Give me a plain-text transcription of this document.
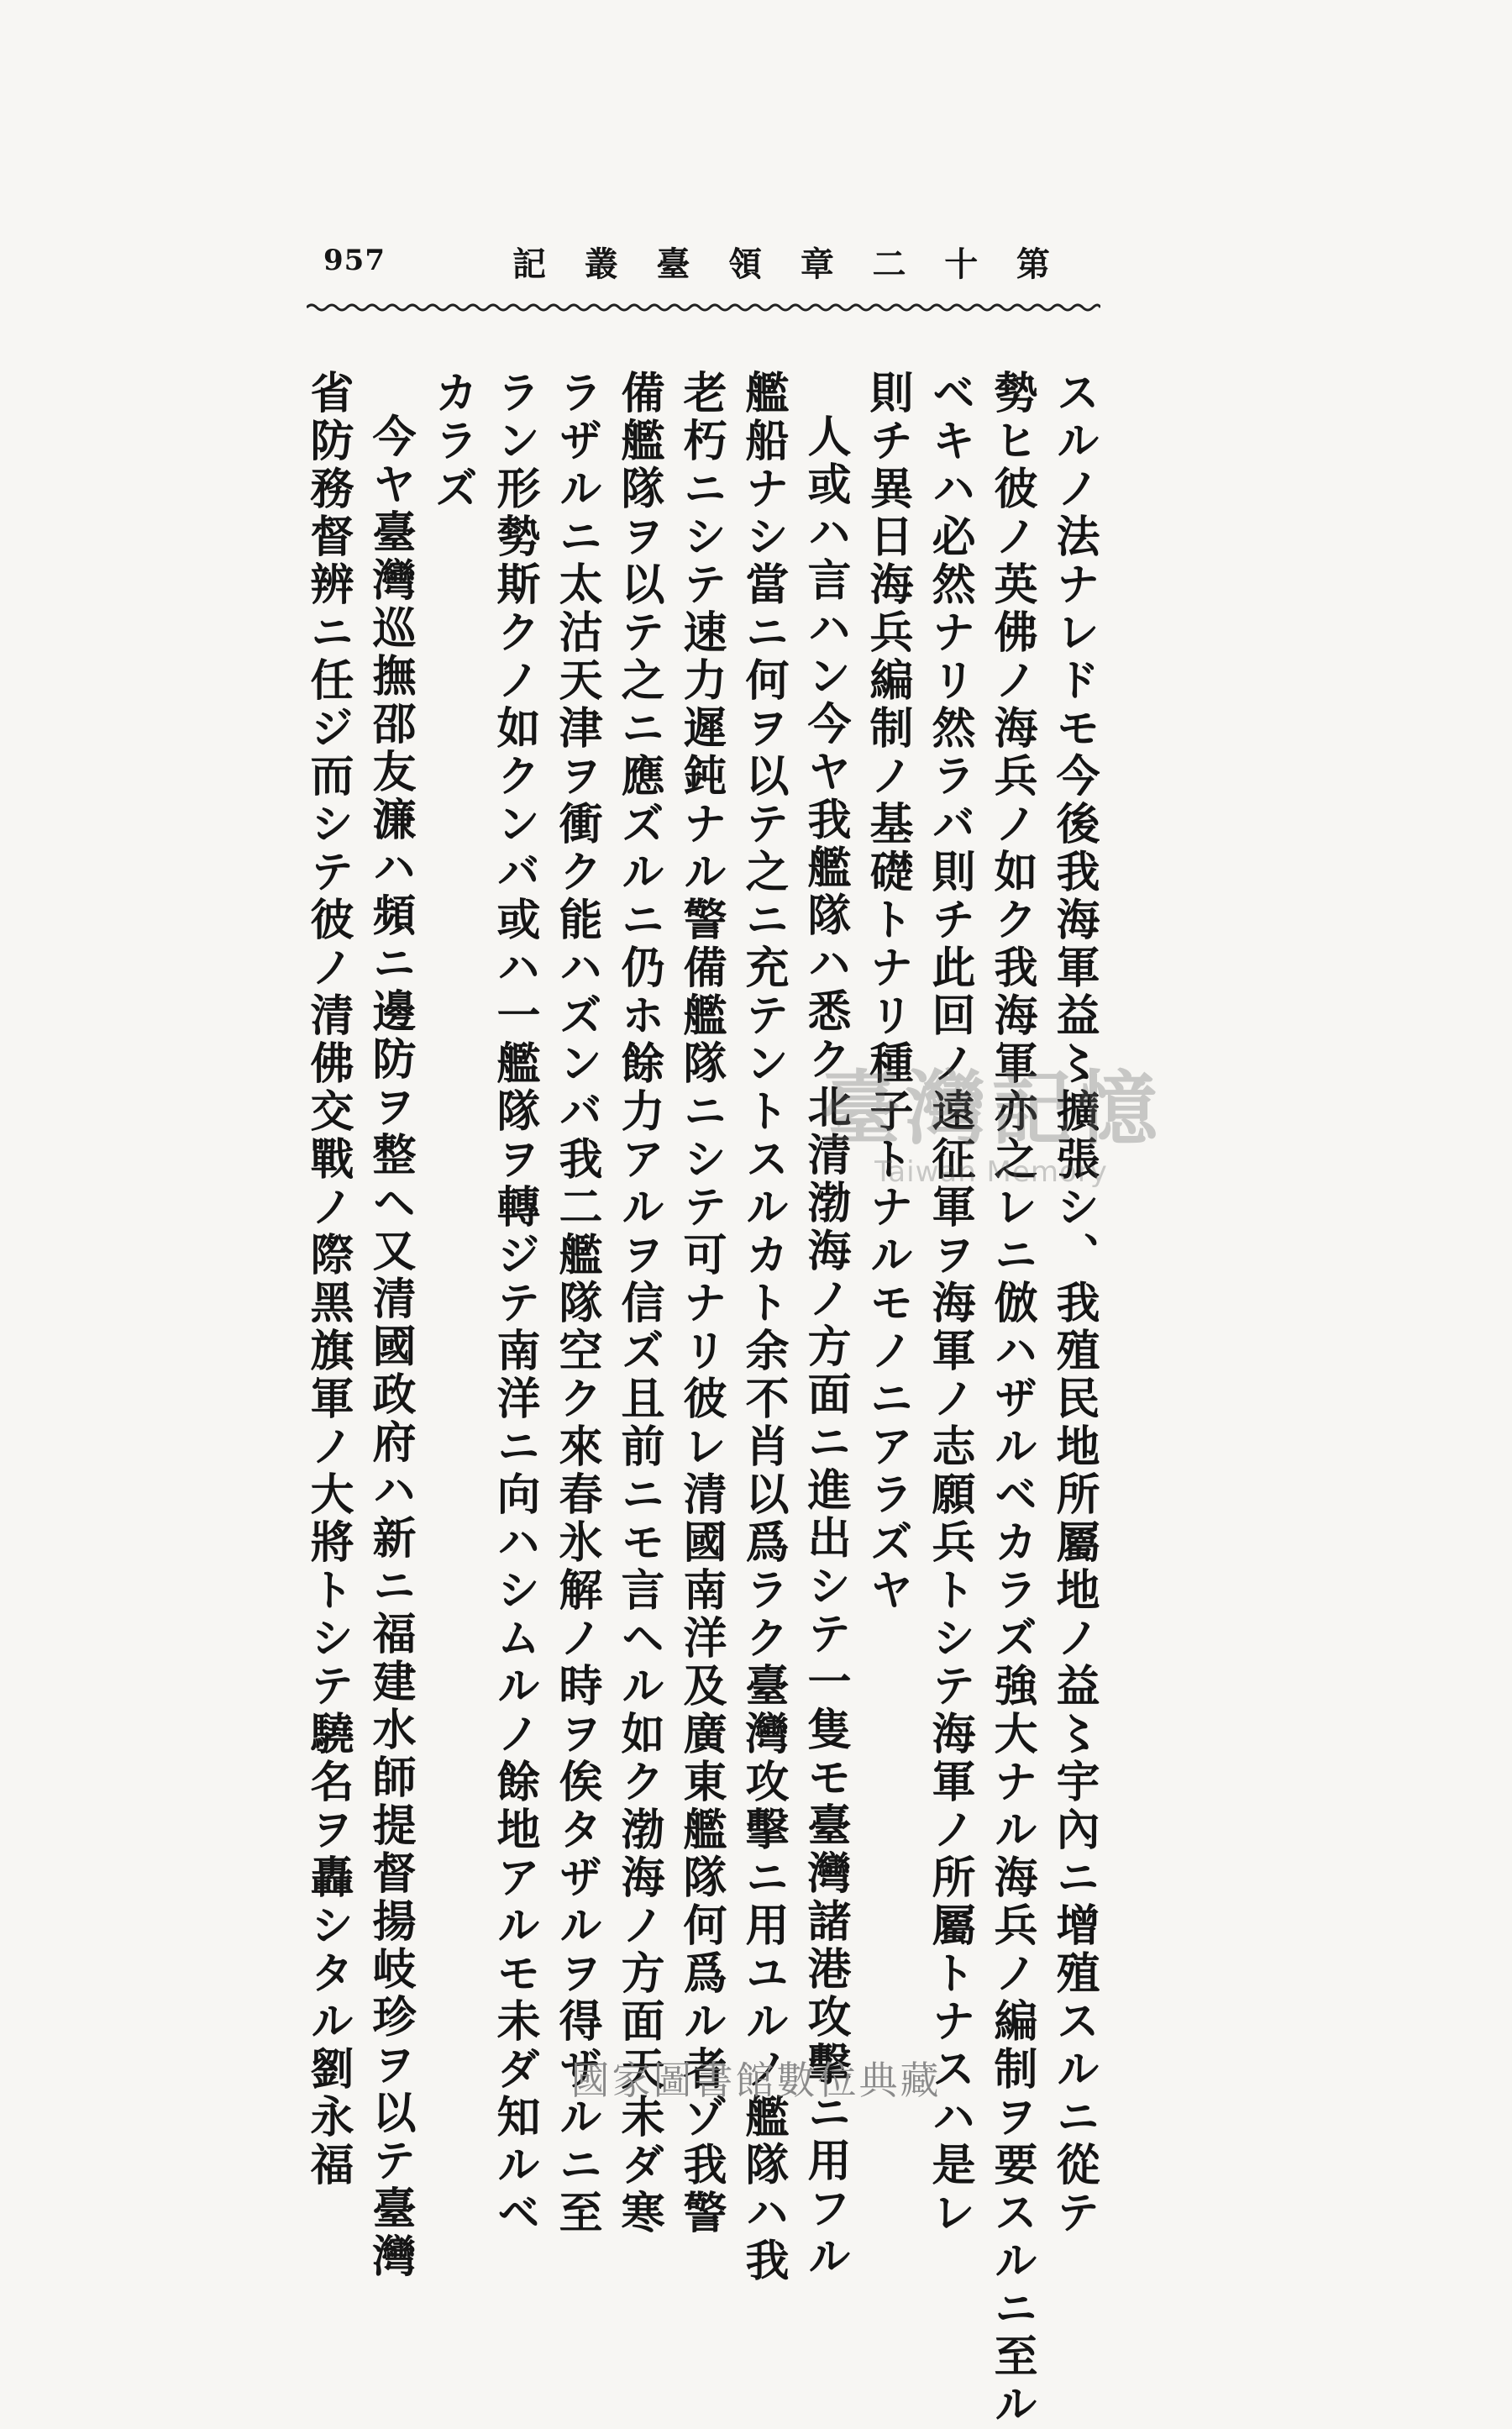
957	記 叢 臺 領 章 二 十 第

スルノ法ナレドモ今後我海軍益〻擴張シ、我殖民地所屬地ノ益〻宇內ニ增殖スルニ從テ

勢ヒ彼ノ英佛ノ海兵ノ如ク我海軍亦之レニ倣ハザルベカラズ強大ナル海兵ノ編制ヲ要スルニ至ル

ベキハ必然ナリ然ラバ則チ此回ノ遠征軍ヲ海軍ノ志願兵トシテ海軍ノ所屬トナスハ是レ

則チ異日海兵編制ノ基礎トナリ種子トナルモノニアラズヤ

人或ハ言ハン今ヤ我艦隊ハ悉ク北清渤海ノ方面ニ進出シテ一隻モ臺灣諸港攻擊ニ用フル

艦船ナシ當ニ何ヲ以テ之ニ充テントスルカト余不肖以爲ラク臺灣攻擊ニ用ユルノ艦隊ハ我

老朽ニシテ速力遲鈍ナル警備艦隊ニシテ可ナリ彼レ清國南洋及廣東艦隊何爲ル者ゾ我警

備艦隊ヲ以テ之ニ應ズルニ仍ホ餘力アルヲ信ズ且前ニモ言ヘル如ク渤海ノ方面天未ダ寒

ラザルニ太沽天津ヲ衝ク能ハズンバ我二艦隊空ク來春氷解ノ時ヲ俟タザルヲ得ザルニ至

ラン形勢斯クノ如クンバ或ハ一艦隊ヲ轉ジテ南洋ニ向ハシムルノ餘地アルモ未ダ知ルベ

カラズ

今ヤ臺灣巡撫邵友濂ハ頻ニ邊防ヲ整ヘ又清國政府ハ新ニ福建水師提督揚岐珍ヲ以テ臺灣

省防務督辨ニ任ジ而シテ彼ノ清佛交戰ノ際黑旗軍ノ大將トシテ驍名ヲ轟シタル劉永福	臺灣記憶
Taiwan Memory
國家圖書館數位典藏
